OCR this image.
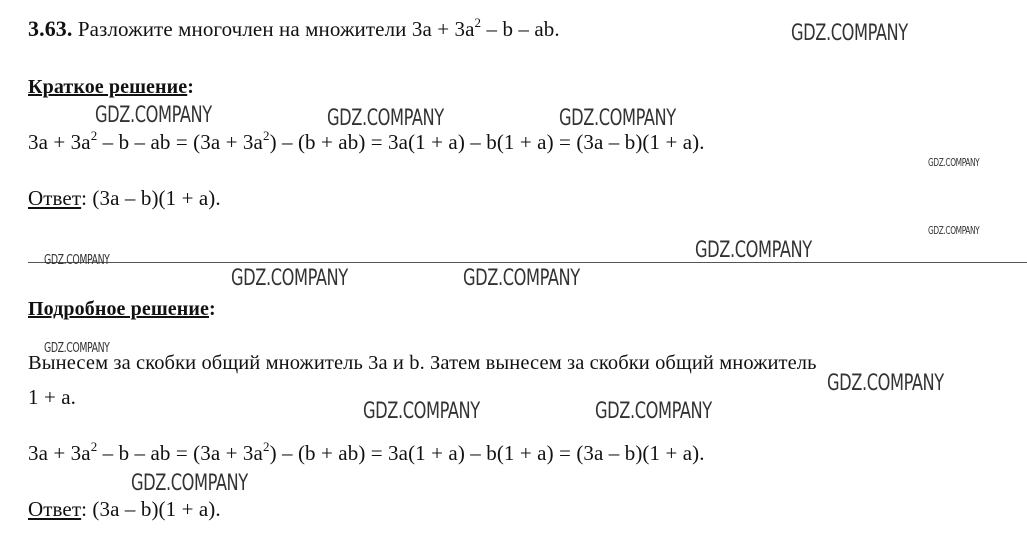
3.63. Разложите многочлен на множители $3a + 3a^2 - b$ – ab.
Краткое решение:
$3a + 3a^2 - b$ – ab = $(3a + 3a^2) - (b + ab) = 3a(1 + a) - b(1 + a) = (3a - b)(1 + a)$.
Ответ: (3a – b)(1 + a).
Подробное решение:
Вынесем за скобки общий множитель 3a и b. Затем вынесем за скобки общий множитель
1 + a.
$3a + 3a^2 - b$ – ab = $(3a + 3a^2) - (b + ab) = 3a(1 + a) - b(1 + a) = (3a - b)(1 + a)$.
Ответ: (3a – b)(1 + a).
GDZ.COMPANY
GDZ.COMPANY	GDZ.COMPANY	GDZ.COMPANY
GDZ.COMPANY
GDZ.COMPANY
GDZ.COMPANY
GDZ.COMPANY
GDZ.COMPANY	GDZ.COMPANY
GDZ.COMPANY
GDZ.COMPANY
GDZ.COMPANY	GDZ.COMPANY
GDZ.COMPANY
